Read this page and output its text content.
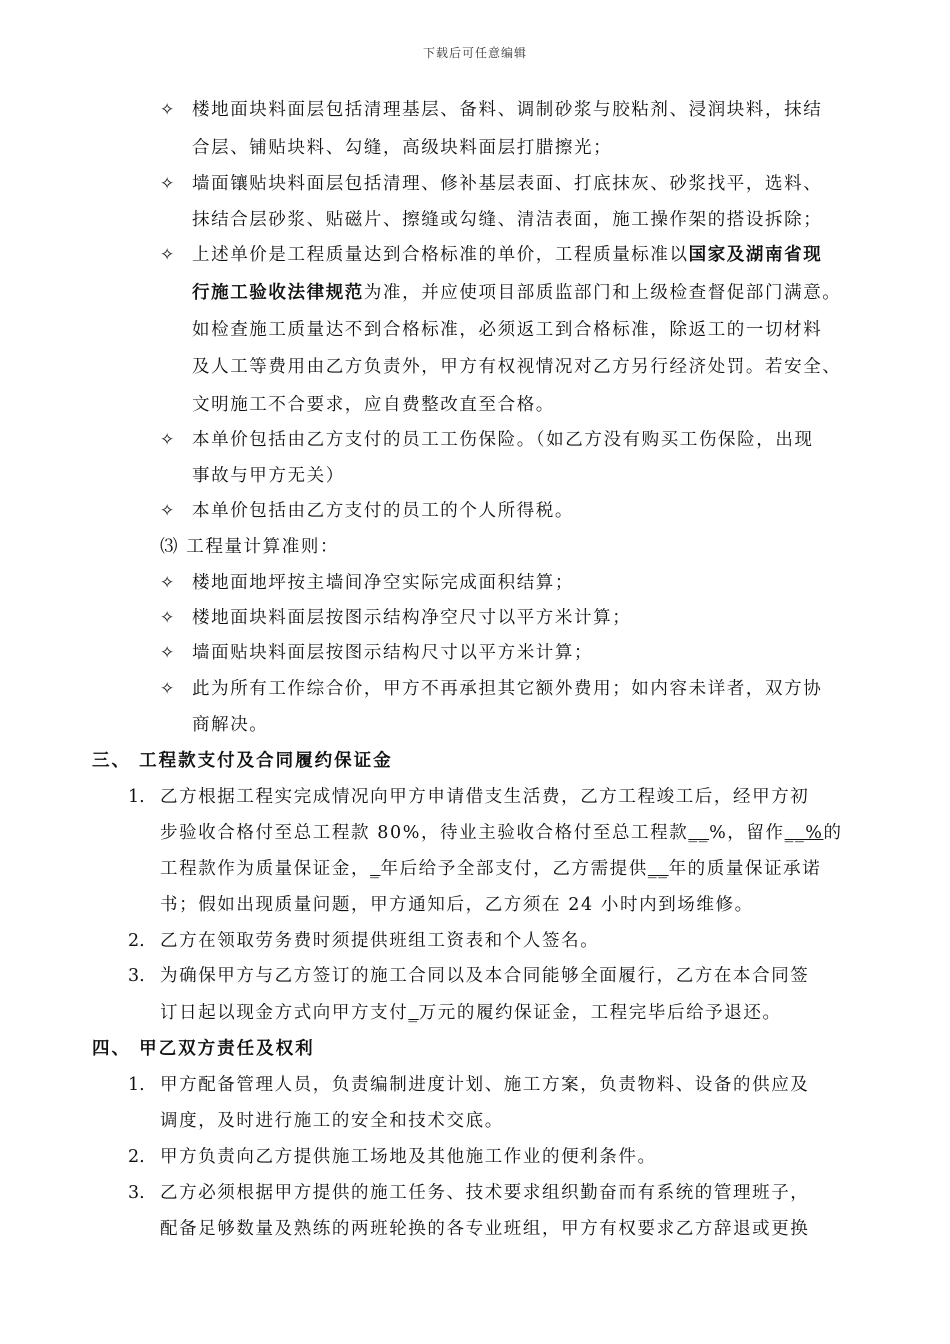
下载后可任意编辑
✧ 楼地面块料面层包括清理基层、备料、调制砂浆与胶粘剂、浸润块料，抹结
合层、铺贴块料、勾缝，高级块料面层打腊擦光；
✧ 墙面镶贴块料面层包括清理、修补基层表面、打底抹灰、砂浆找平，选料、
抹结合层砂浆、贴磁片、擦缝或勾缝、清洁表面，施工操作架的搭设拆除；
✧ 上述单价是工程质量达到合格标准的单价，工程质量标准以国家及湖南省现
行施工验收法律规范为准，并应使项目部质监部门和上级检查督促部门满意。
如检查施工质量达不到合格标准，必须返工到合格标准，除返工的一切材料
及人工等费用由乙方负责外，甲方有权视情况对乙方另行经济处罚。若安全、
文明施工不合要求，应自费整改直至合格。
✧ 本单价包括由乙方支付的员工工伤保险。（如乙方没有购买工伤保险，出现
事故与甲方无关）
✧ 本单价包括由乙方支付的员工的个人所得税。
⑶ 工程量计算准则：
✧ 楼地面地坪按主墙间净空实际完成面积结算；
✧ 楼地面块料面层按图示结构净空尺寸以平方米计算；
✧ 墙面贴块料面层按图示结构尺寸以平方米计算；
✧ 此为所有工作综合价，甲方不再承担其它额外费用；如内容未详者，双方协
商解决。
三、 工程款支付及合同履约保证金
1. 乙方根据工程实完成情况向甲方申请借支生活费，乙方工程竣工后，经甲方初
步验收合格付至总工程款 80%，待业主验收合格付至总工程款__%，留作__%的
工程款作为质量保证金，_年后给予全部支付，乙方需提供__年的质量保证承诺
书；假如出现质量问题，甲方通知后，乙方须在 24 小时内到场维修。
2. 乙方在领取劳务费时须提供班组工资表和个人签名。
3. 为确保甲方与乙方签订的施工合同以及本合同能够全面履行，乙方在本合同签
订日起以现金方式向甲方支付_万元的履约保证金，工程完毕后给予退还。
四、 甲乙双方责任及权利
1. 甲方配备管理人员，负责编制进度计划、施工方案，负责物料、设备的供应及
调度，及时进行施工的安全和技术交底。
2. 甲方负责向乙方提供施工场地及其他施工作业的便利条件。
3. 乙方必须根据甲方提供的施工任务、技术要求组织勤奋而有系统的管理班子，
配备足够数量及熟练的两班轮换的各专业班组，甲方有权要求乙方辞退或更换
